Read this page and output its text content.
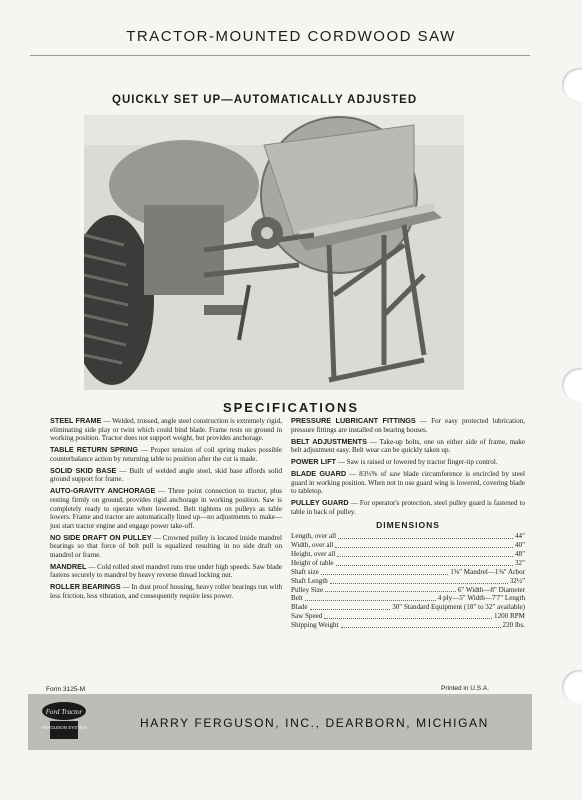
TRACTOR-MOUNTED CORDWOOD SAW
QUICKLY SET UP—AUTOMATICALLY ADJUSTED
SPECIFICATIONS

STEEL FRAME — Welded, trussed, angle steel construction is extremely rigid, eliminating side play or twist which could bind blade. Frame rests on ground in working position. Tractor does not support weight, but provides anchorage.

TABLE RETURN SPRING — Proper tension of coil spring makes possible counterbalance action by returning table to position after the cut is made.

SOLID SKID BASE — Built of welded angle steel, skid base affords solid ground support for frame.

AUTO-GRAVITY ANCHORAGE — Three point connection to tractor, plus resting firmly on ground, provides rigid anchorage in working position. Saw is completely ready to operate when lowered. Belt tightens on pulleys as table lowers. Frame and tractor are automatically lined up—no adjustments to make—just start tractor engine and engage power take-off.

NO SIDE DRAFT ON PULLEY — Crowned pulley is located inside mandrel bearings so that force of belt pull is equalized resulting in no side draft on mandrel or frame.

MANDREL — Cold rolled steel mandrel runs true under high speeds. Saw blade fastens securely to mandrel by heavy reverse thread locking nut.

ROLLER BEARINGS — In dust proof housing, heavy roller bearings run with less friction, less vibration, and consequently require less power.

PRESSURE LUBRICANT FITTINGS — For easy protected lubrication, pressure fittings are installed on bearing houses.

BELT ADJUSTMENTS — Take-up bolts, one on either side of frame, make belt adjustment easy. Belt wear can be quickly taken up.

POWER LIFT — Saw is raised or lowered by tractor finger-tip control.

BLADE GUARD — 83⅓% of saw blade circumference is encircled by steel guard in working position. When not in use guard wing is lowered, covering blade to tabletop.

PULLEY GUARD — For operator's protection, steel pulley guard is fastened to table in back of pulley.

DIMENSIONS
Length, over all	44"
Width, over all	40"
Height, over all	48"
Height of table	32"
Shaft size	1⅝" Mandrel—1⅜" Arbor
Shaft Length	32½"
Pulley Size	6" Width—8" Diameter
Belt	4 ply—5" Width—7'7" Length
Blade	30" Standard Equipment (18" to 32" available)
Saw Speed	1200 RPM
Shipping Weight	220 lbs.
Form 3125-M	Printed in U.S.A.
Ford Tractor
FERGUSON SYSTEM	HARRY FERGUSON, INC., DEARBORN, MICHIGAN
